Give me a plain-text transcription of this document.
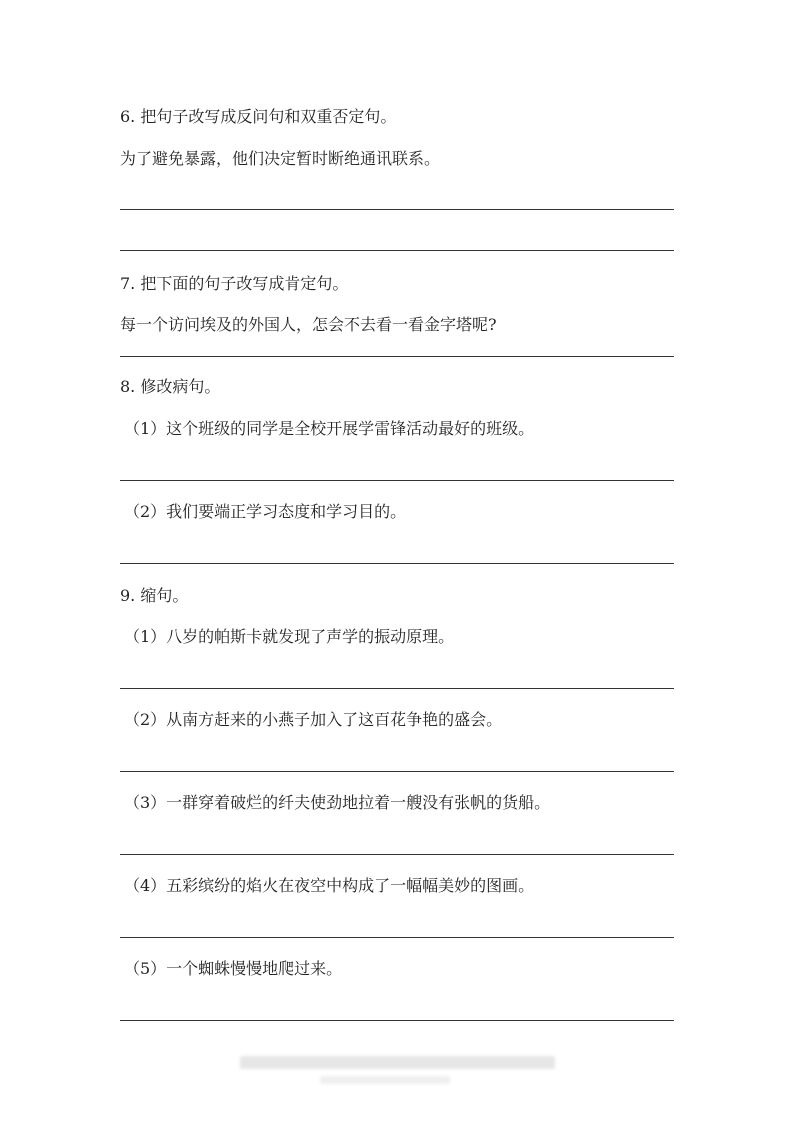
6. 把句子改写成反问句和双重否定句。
为了避免暴露，他们决定暂时断绝通讯联系。
7. 把下面的句子改写成肯定句。
每一个访问埃及的外国人，怎会不去看一看金字塔呢?
8. 修改病句。
（1）这个班级的同学是全校开展学雷锋活动最好的班级。
（2）我们要端正学习态度和学习目的。
9. 缩句。
（1）八岁的帕斯卡就发现了声学的振动原理。
（2）从南方赶来的小燕子加入了这百花争艳的盛会。
（3）一群穿着破烂的纤夫使劲地拉着一艘没有张帆的货船。
（4）五彩缤纷的焰火在夜空中构成了一幅幅美妙的图画。
（5）一个蜘蛛慢慢地爬过来。
